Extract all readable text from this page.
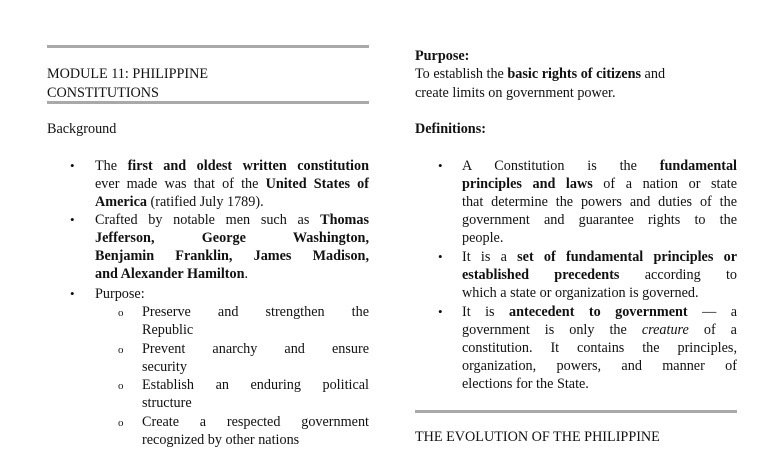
MODULE 11: PHILIPPINE
CONSTITUTIONS
Background
• The first and oldest written constitution
ever made was that of the United States of
America (ratified July 1789).
• Crafted by notable men such as Thomas
Jefferson,       George       Washington,
Benjamin   Franklin,   James   Madison,
and Alexander Hamilton.
• Purpose:
o Preserve    and    strengthen    the
Republic
o Prevent    anarchy    and    ensure
security
o Establish    an    enduring    political
structure
o Create   a   respected   government
recognized by other nations
Purpose:
To establish the basic rights of citizens and
create limits on government power.
Definitions:
• A   Constitution   is   the   fundamental
principles and laws of a nation or state
that determine the powers and duties of the
government and guarantee rights to the
people.
• It is a set of fundamental principles or
established   precedents   according   to
which a state or organization is governed.
• It   is   antecedent   to   government   —   a
government  is  only  the  creature  of  a
constitution.  It  contains  the  principles,
organization,    powers,    and    manner    of
elections for the State.
THE EVOLUTION OF THE PHILIPPINE
